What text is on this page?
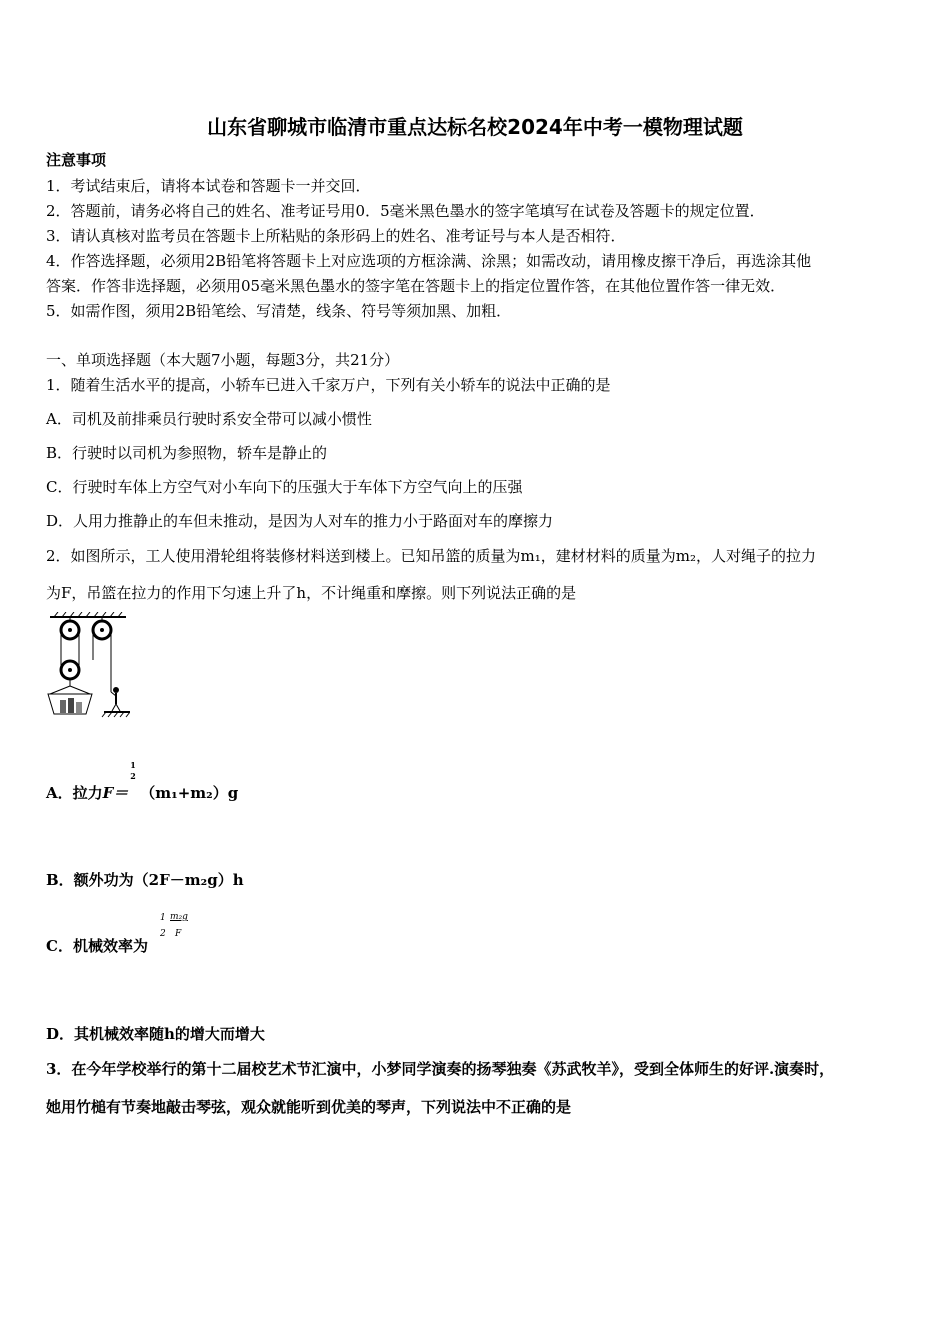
山东省聊城市临清市重点达标名校2024年中考一模物理试题
注意事项
1．考试结束后，请将本试卷和答题卡一并交回．
2．答题前，请务必将自己的姓名、准考证号用0．5毫米黑色墨水的签字笔填写在试卷及答题卡的规定位置．
3．请认真核对监考员在答题卡上所粘贴的条形码上的姓名、准考证号与本人是否相符．
4．作答选择题，必须用2B铅笔将答题卡上对应选项的方框涂满、涂黑；如需改动，请用橡皮擦干净后，再选涂其他
答案．作答非选择题，必须用05毫米黑色墨水的签字笔在答题卡上的指定位置作答，在其他位置作答一律无效．
5．如需作图，须用2B铅笔绘、写清楚，线条、符号等须加黑、加粗．
一、单项选择题（本大题7小题，每题3分，共21分）
1．随着生活水平的提高，小轿车已进入千家万户，下列有关小轿车的说法中正确的是
A．司机及前排乘员行驶时系安全带可以减小惯性
B．行驶时以司机为参照物，轿车是静止的
C．行驶时车体上方空气对小车向下的压强大于车体下方空气向上的压强
D．人用力推静止的车但未推动，是因为人对车的推力小于路面对车的摩擦力
2．如图所示，工人使用滑轮组将装修材料送到楼上。已知吊篮的质量为m₁，建材材料的质量为m₂，人对绳子的拉力
为F，吊篮在拉力的作用下匀速上升了h，不计绳重和摩擦。则下列说法正确的是
A．拉力F＝
1
2
（m₁+m₂）g
B．额外功为（2F－m₂g）h
C．机械效率为
1
2
m₂g
F
D．其机械效率随h的增大而增大
3．在今年学校举行的第十二届校艺术节汇演中，小梦同学演奏的扬琴独奏《苏武牧羊》，受到全体师生的好评.演奏时，
她用竹槌有节奏地敲击琴弦，观众就能听到优美的琴声，下列说法中不正确的是
